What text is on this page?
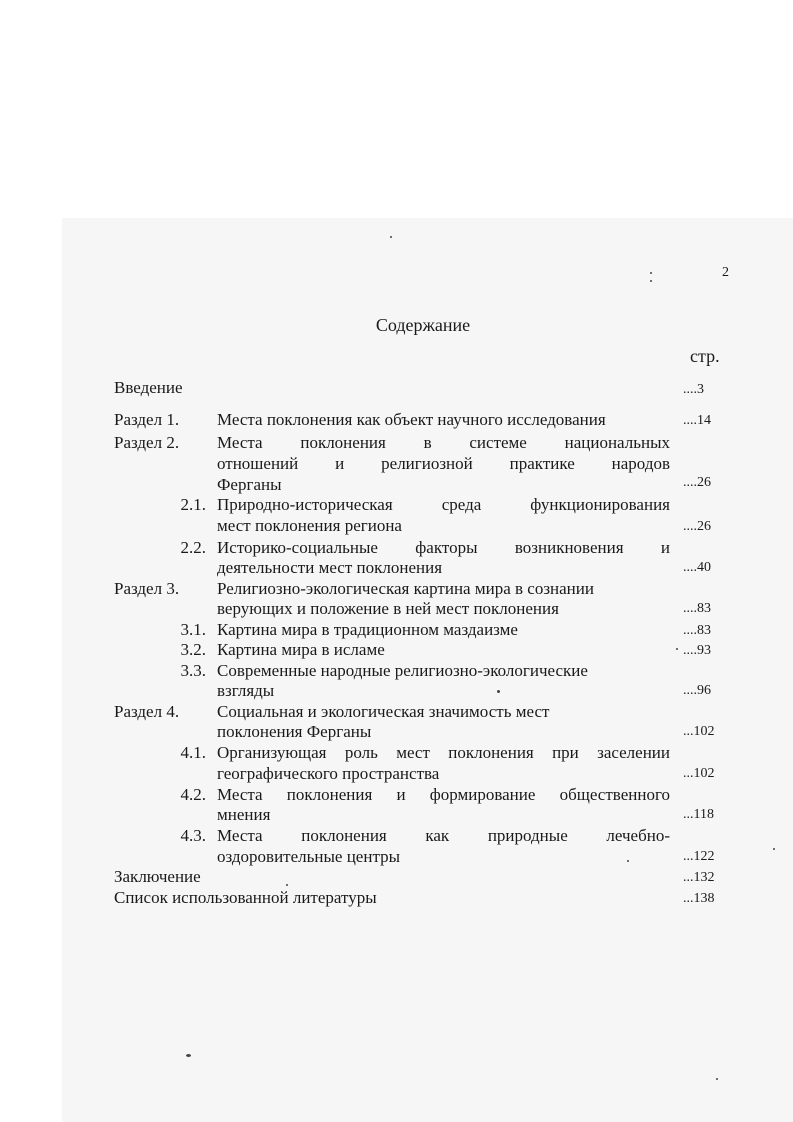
2
Содержание
стр.
Введение	....3
Раздел 1. Места поклонения как объект научного исследования	....14
Раздел 2. Места поклонения в системе национальных
отношений и религиозной практике народов
Ферганы	....26
2.1. Природно-историческая среда функционирования
мест поклонения региона	....26
2.2. Историко-социальные факторы возникновения и
деятельности мест поклонения	....40
Раздел 3. Религиозно-экологическая картина мира в сознании
верующих и положение в ней мест поклонения	....83
3.1. Картина мира в традиционном маздаизме	....83
3.2. Картина мира в исламе	....93
3.3. Современные народные религиозно-экологические
взгляды	....96
Раздел 4. Социальная и экологическая значимость мест
поклонения Ферганы	...102
4.1. Организующая роль мест поклонения при заселении
географического пространства	...102
4.2. Места поклонения и формирование общественного
мнения	...118
4.3. Места поклонения как природные лечебно-
оздоровительные центры	...122
Заключение	...132
Список использованной литературы	...138
